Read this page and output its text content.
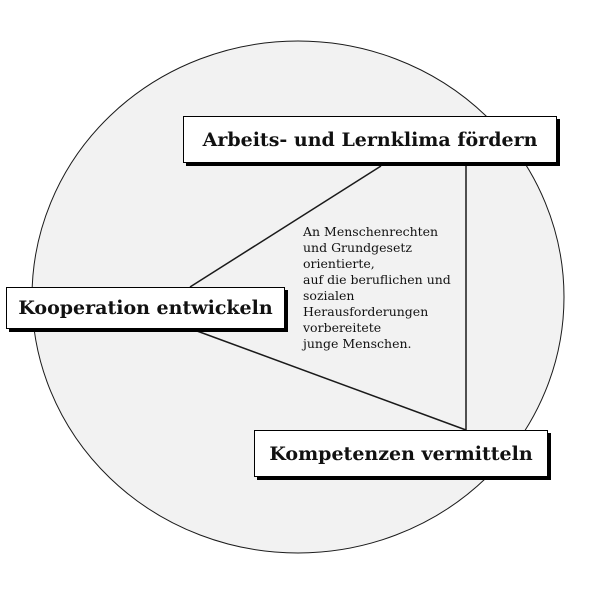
Arbeits- und Lernklima fördern
Kooperation entwickeln
Kompetenzen vermitteln
An Menschenrechten
und Grundgesetz
orientierte,
auf die beruflichen und
sozialen
Herausforderungen
vorbereitete
junge Menschen.
